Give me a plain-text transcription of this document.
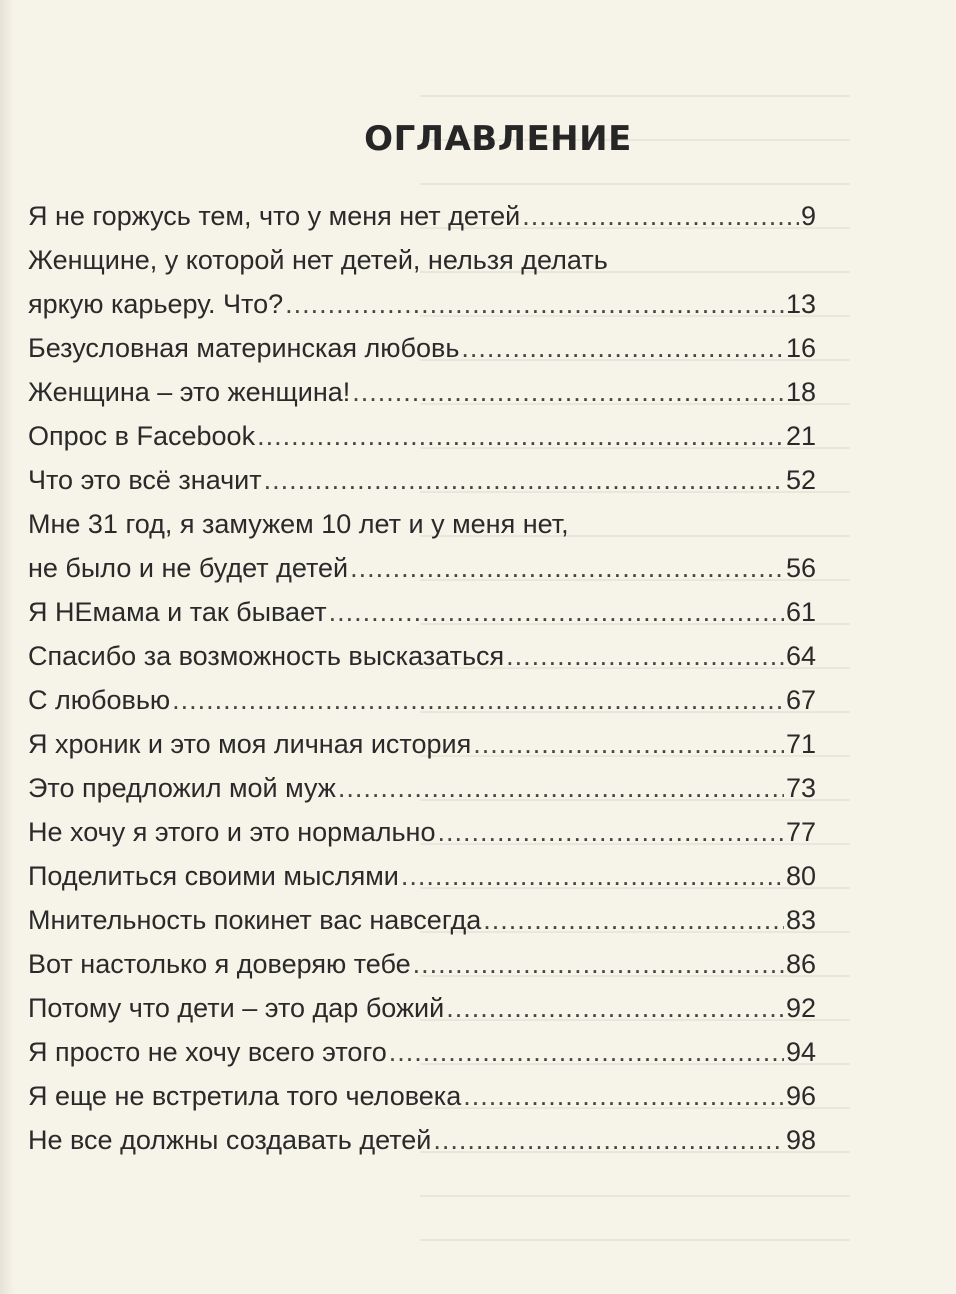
ОГЛАВЛЕНИЕ
Я не горжусь тем, что у меня нет детей .....	9
Женщине, у которой нет детей, нельзя делать
яркую карьеру. Что? .....	13
Безусловная материнская любовь .....	16
Женщина – это женщина! .....	18
Опрос в Facebook .....	21
Что это всё значит .....	52
Мне 31 год, я замужем 10 лет и у меня нет,
не было и не будет детей .....	56
Я НЕмама и так бывает .....	61
Спасибо за возможность высказаться .....	64
С любовью .....	67
Я хроник и это моя личная история .....	71
Это предложил мой муж .....	73
Не хочу я этого и это нормально .....	77
Поделиться своими мыслями .....	80
Мнительность покинет вас навсегда .....	83
Вот настолько я доверяю тебе .....	86
Потому что дети – это дар божий .....	92
Я просто не хочу всего этого .....	94
Я еще не встретила того человека .....	96
Не все должны создавать детей .....	98
